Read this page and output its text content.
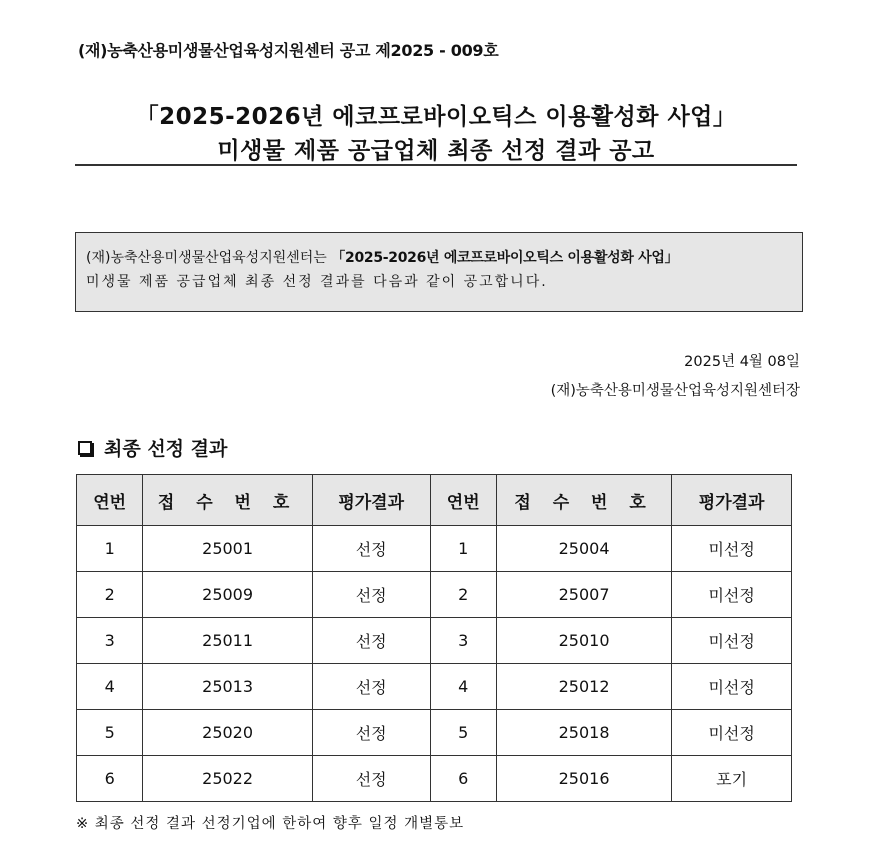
(재)농축산용미생물산업육성지원센터 공고 제2025 - 009호
「2025-2026년 에코프로바이오틱스 이용활성화 사업」
미생물 제품 공급업체 최종 선정 결과 공고
(재)농축산용미생물산업육성지원센터는 「2025-2026년 에코프로바이오틱스 이용활성화 사업」
미생물 제품 공급업체 최종 선정 결과를 다음과 같이 공고합니다.
2025년 4월 08일
(재)농축산용미생물산업육성지원센터장
최종 선정 결과
연번	접 수 번 호	평가결과	연번	접 수 번 호	평가결과
1	25001	선정	1	25004	미선정
2	25009	선정	2	25007	미선정
3	25011	선정	3	25010	미선정
4	25013	선정	4	25012	미선정
5	25020	선정	5	25018	미선정
6	25022	선정	6	25016	포기
※ 최종 선정 결과 선정기업에 한하여 향후 일정 개별통보
